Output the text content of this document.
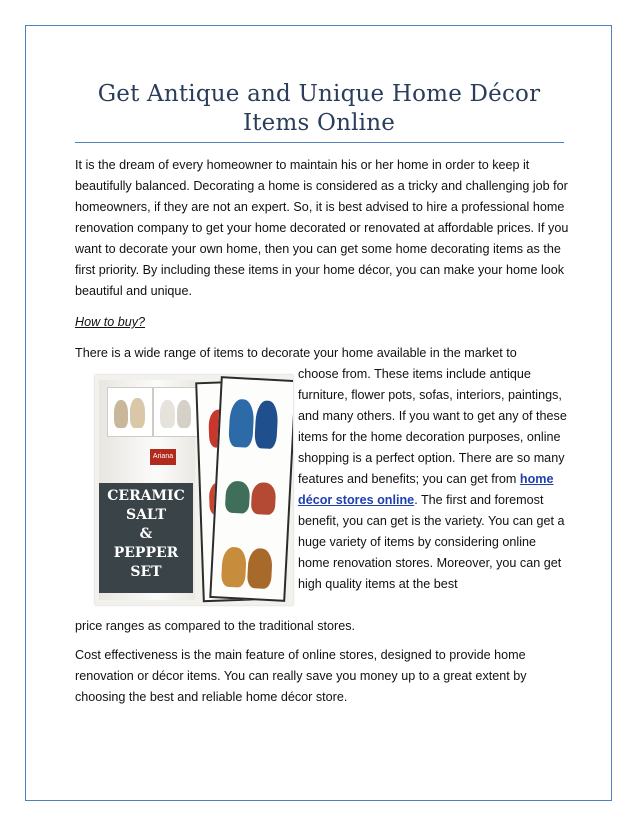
Get Antique and Unique Home Décor Items Online

It is the dream of every homeowner to maintain his or her home in order to keep it beautifully balanced. Decorating a home is considered as a tricky and challenging job for homeowners, if they are not an expert. So, it is best advised to hire a professional home renovation company to get your home decorated or renovated at affordable prices. If you want to decorate your own home, then you can get some home decorating items as the first priority. By including these items in your home décor, you can make your home look beautiful and unique.

How to buy?

There is a wide range of items to decorate your home available in the market to

Ariana
CERAMIC
SALT
&
PEPPER
SET

choose from. These items include antique furniture, flower pots, sofas, interiors, paintings, and many others. If you want to get any of these items for the home decoration purposes, online shopping is a perfect option. There are so many features and benefits; you can get from home décor stores online. The first and foremost benefit, you can get is the variety. You can get a huge variety of items by considering online home renovation stores. Moreover, you can get high quality items at the best

price ranges as compared to the traditional stores.

Cost effectiveness is the main feature of online stores, designed to provide home renovation or décor items. You can really save you money up to a great extent by choosing the best and reliable home décor store.
